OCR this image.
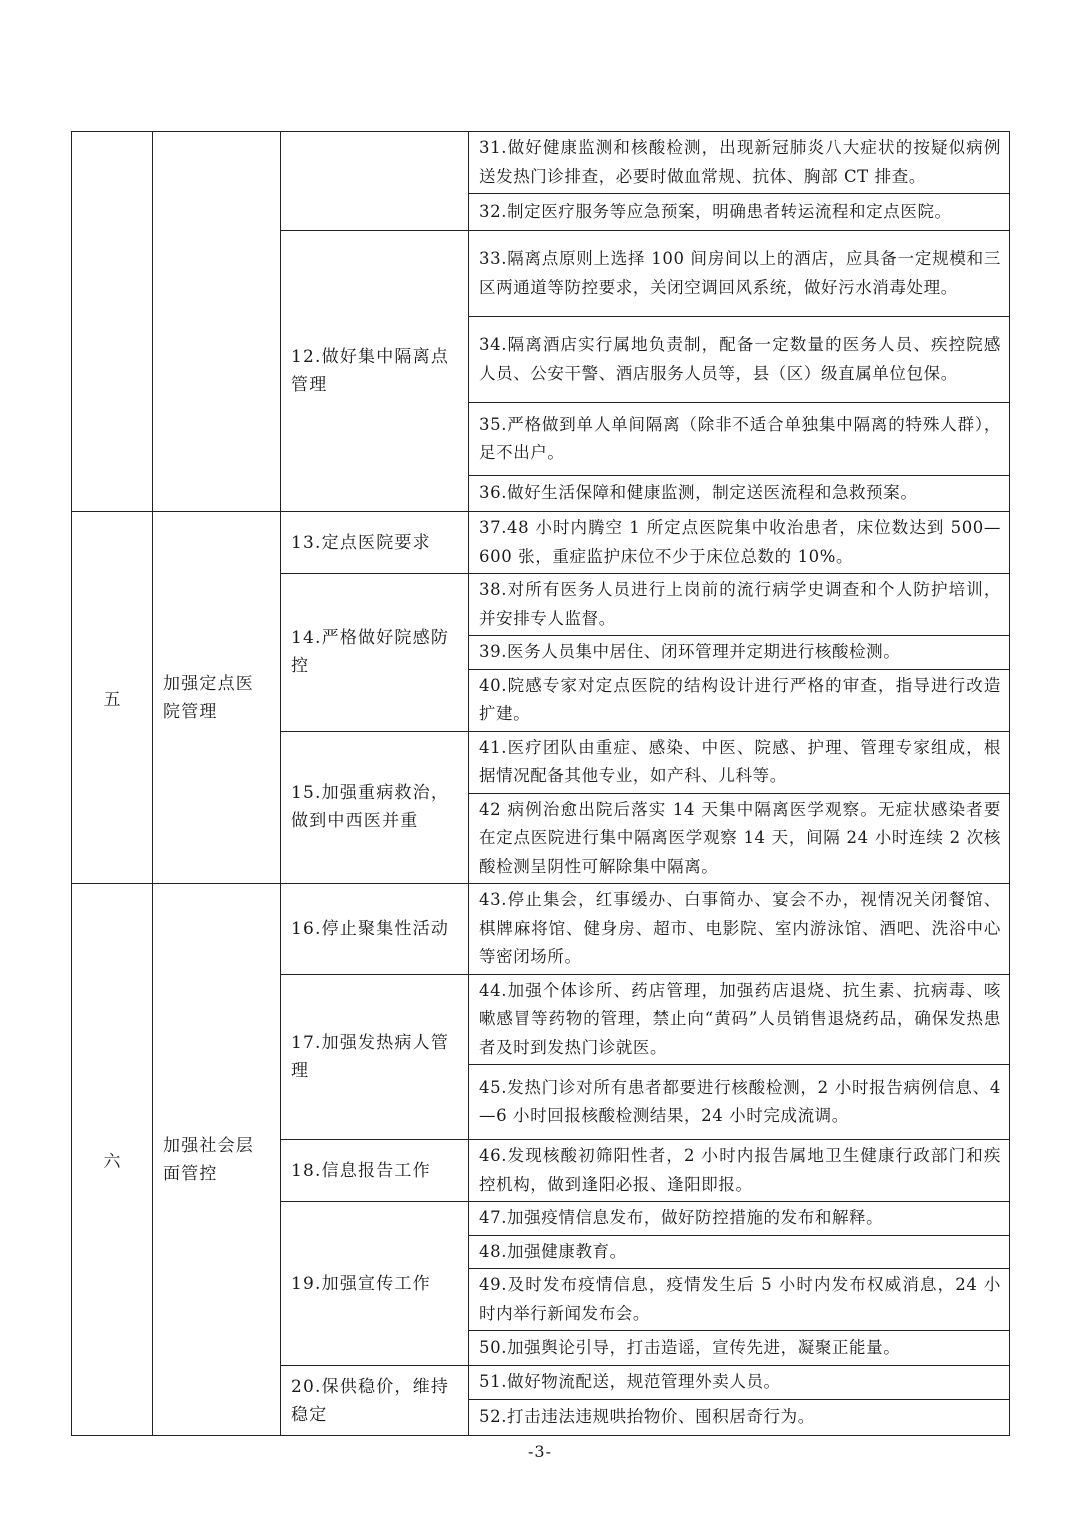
			31.做好健康监测和核酸检测，出现新冠肺炎八大症状的按疑似病例送发热门诊排查，必要时做血常规、抗体、胸部 CT 排查。
			32.制定医疗服务等应急预案，明确患者转运流程和定点医院。
		12.做好集中隔离点管理	33.隔离点原则上选择 100 间房间以上的酒店，应具备一定规模和三区两通道等防控要求，关闭空调回风系统，做好污水消毒处理。
			34.隔离酒店实行属地负责制，配备一定数量的医务人员、疾控院感人员、公安干警、酒店服务人员等，县（区）级直属单位包保。
			35.严格做到单人单间隔离（除非不适合单独集中隔离的特殊人群），足不出户。
			36.做好生活保障和健康监测，制定送医流程和急救预案。
五	加强定点医院管理	13.定点医院要求	37.48 小时内腾空 1 所定点医院集中收治患者，床位数达到 500—600 张，重症监护床位不少于床位总数的 10%。
		14.严格做好院感防控	38.对所有医务人员进行上岗前的流行病学史调查和个人防护培训，并安排专人监督。
			39.医务人员集中居住、闭环管理并定期进行核酸检测。
			40.院感专家对定点医院的结构设计进行严格的审查，指导进行改造扩建。
		15.加强重病救治，做到中西医并重	41.医疗团队由重症、感染、中医、院感、护理、管理专家组成，根据情况配备其他专业，如产科、儿科等。
			42 病例治愈出院后落实 14 天集中隔离医学观察。无症状感染者要在定点医院进行集中隔离医学观察 14 天，间隔 24 小时连续 2 次核酸检测呈阴性可解除集中隔离。
六	加强社会层面管控	16.停止聚集性活动	43.停止集会，红事缓办、白事简办、宴会不办，视情况关闭餐馆、棋牌麻将馆、健身房、超市、电影院、室内游泳馆、酒吧、洗浴中心等密闭场所。
		17.加强发热病人管理	44.加强个体诊所、药店管理，加强药店退烧、抗生素、抗病毒、咳嗽感冒等药物的管理，禁止向“黄码”人员销售退烧药品，确保发热患者及时到发热门诊就医。
			45.发热门诊对所有患者都要进行核酸检测，2 小时报告病例信息、4—6 小时回报核酸检测结果，24 小时完成流调。
		18.信息报告工作	46.发现核酸初筛阳性者，2 小时内报告属地卫生健康行政部门和疾控机构，做到逢阳必报、逢阳即报。
		19.加强宣传工作	47.加强疫情信息发布，做好防控措施的发布和解释。
			48.加强健康教育。
			49.及时发布疫情信息，疫情发生后 5 小时内发布权威消息，24 小时内举行新闻发布会。
			50.加强舆论引导，打击造谣，宣传先进，凝聚正能量。
		20.保供稳价，维持稳定	51.做好物流配送，规范管理外卖人员。
			52.打击违法违规哄抬物价、囤积居奇行为。
-3-
